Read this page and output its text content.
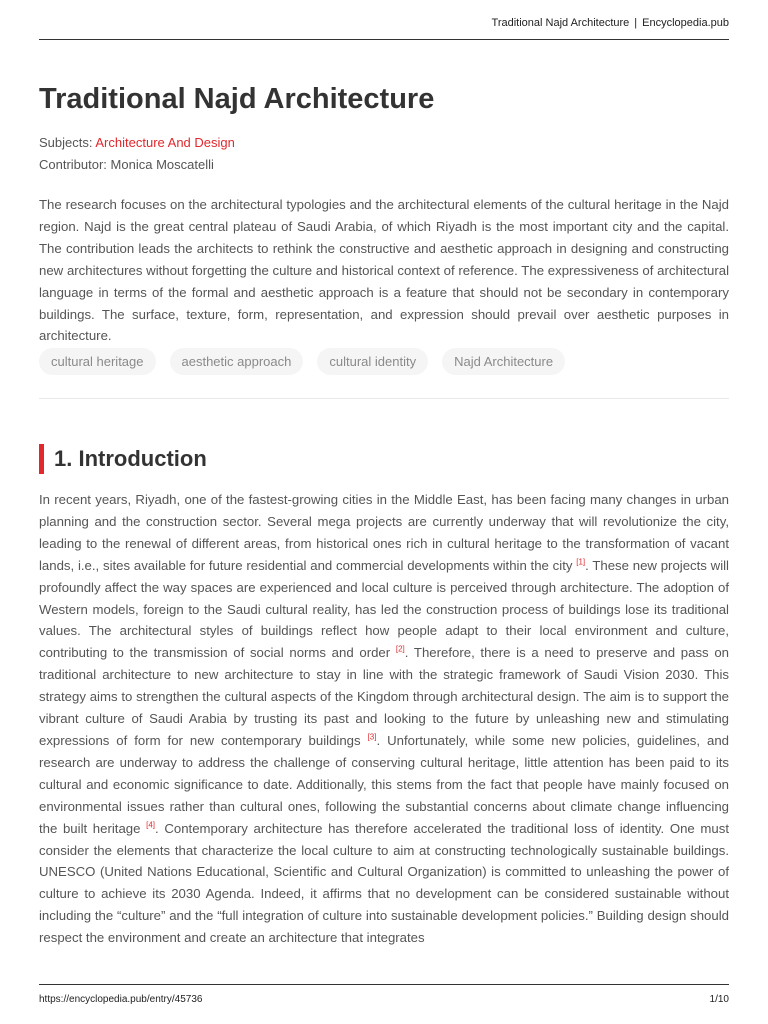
Traditional Najd Architecture | Encyclopedia.pub
Traditional Najd Architecture
Subjects: Architecture And Design
Contributor: Monica Moscatelli

The research focuses on the architectural typologies and the architectural elements of the cultural heritage in the Najd region. Najd is the great central plateau of Saudi Arabia, of which Riyadh is the most important city and the capital. The contribution leads the architects to rethink the constructive and aesthetic approach in designing and constructing new architectures without forgetting the culture and historical context of reference. The expressiveness of architectural language in terms of the formal and aesthetic approach is a feature that should not be secondary in contemporary buildings. The surface, texture, form, representation, and expression should prevail over aesthetic purposes in architecture.

cultural heritage	aesthetic approach	cultural identity	Najd Architecture
1. Introduction

In recent years, Riyadh, one of the fastest-growing cities in the Middle East, has been facing many changes in urban planning and the construction sector. Several mega projects are currently underway that will revolutionize the city, leading to the renewal of different areas, from historical ones rich in cultural heritage to the transformation of vacant lands, i.e., sites available for future residential and commercial developments within the city [1]. These new projects will profoundly affect the way spaces are experienced and local culture is perceived through architecture. The adoption of Western models, foreign to the Saudi cultural reality, has led the construction process of buildings lose its traditional values. The architectural styles of buildings reflect how people adapt to their local environment and culture, contributing to the transmission of social norms and order [2]. Therefore, there is a need to preserve and pass on traditional architecture to new architecture to stay in line with the strategic framework of Saudi Vision 2030. This strategy aims to strengthen the cultural aspects of the Kingdom through architectural design. The aim is to support the vibrant culture of Saudi Arabia by trusting its past and looking to the future by unleashing new and stimulating expressions of form for new contemporary buildings [3]. Unfortunately, while some new policies, guidelines, and research are underway to address the challenge of conserving cultural heritage, little attention has been paid to its cultural and economic significance to date. Additionally, this stems from the fact that people have mainly focused on environmental issues rather than cultural ones, following the substantial concerns about climate change influencing the built heritage [4]. Contemporary architecture has therefore accelerated the traditional loss of identity. One must consider the elements that characterize the local culture to aim at constructing technologically sustainable buildings. UNESCO (United Nations Educational, Scientific and Cultural Organization) is committed to unleashing the power of culture to achieve its 2030 Agenda. Indeed, it affirms that no development can be considered sustainable without including the “culture” and the “full integration of culture into sustainable development policies.” Building design should respect the environment and create an architecture that integrates

https://encyclopedia.pub/entry/45736	1/10
